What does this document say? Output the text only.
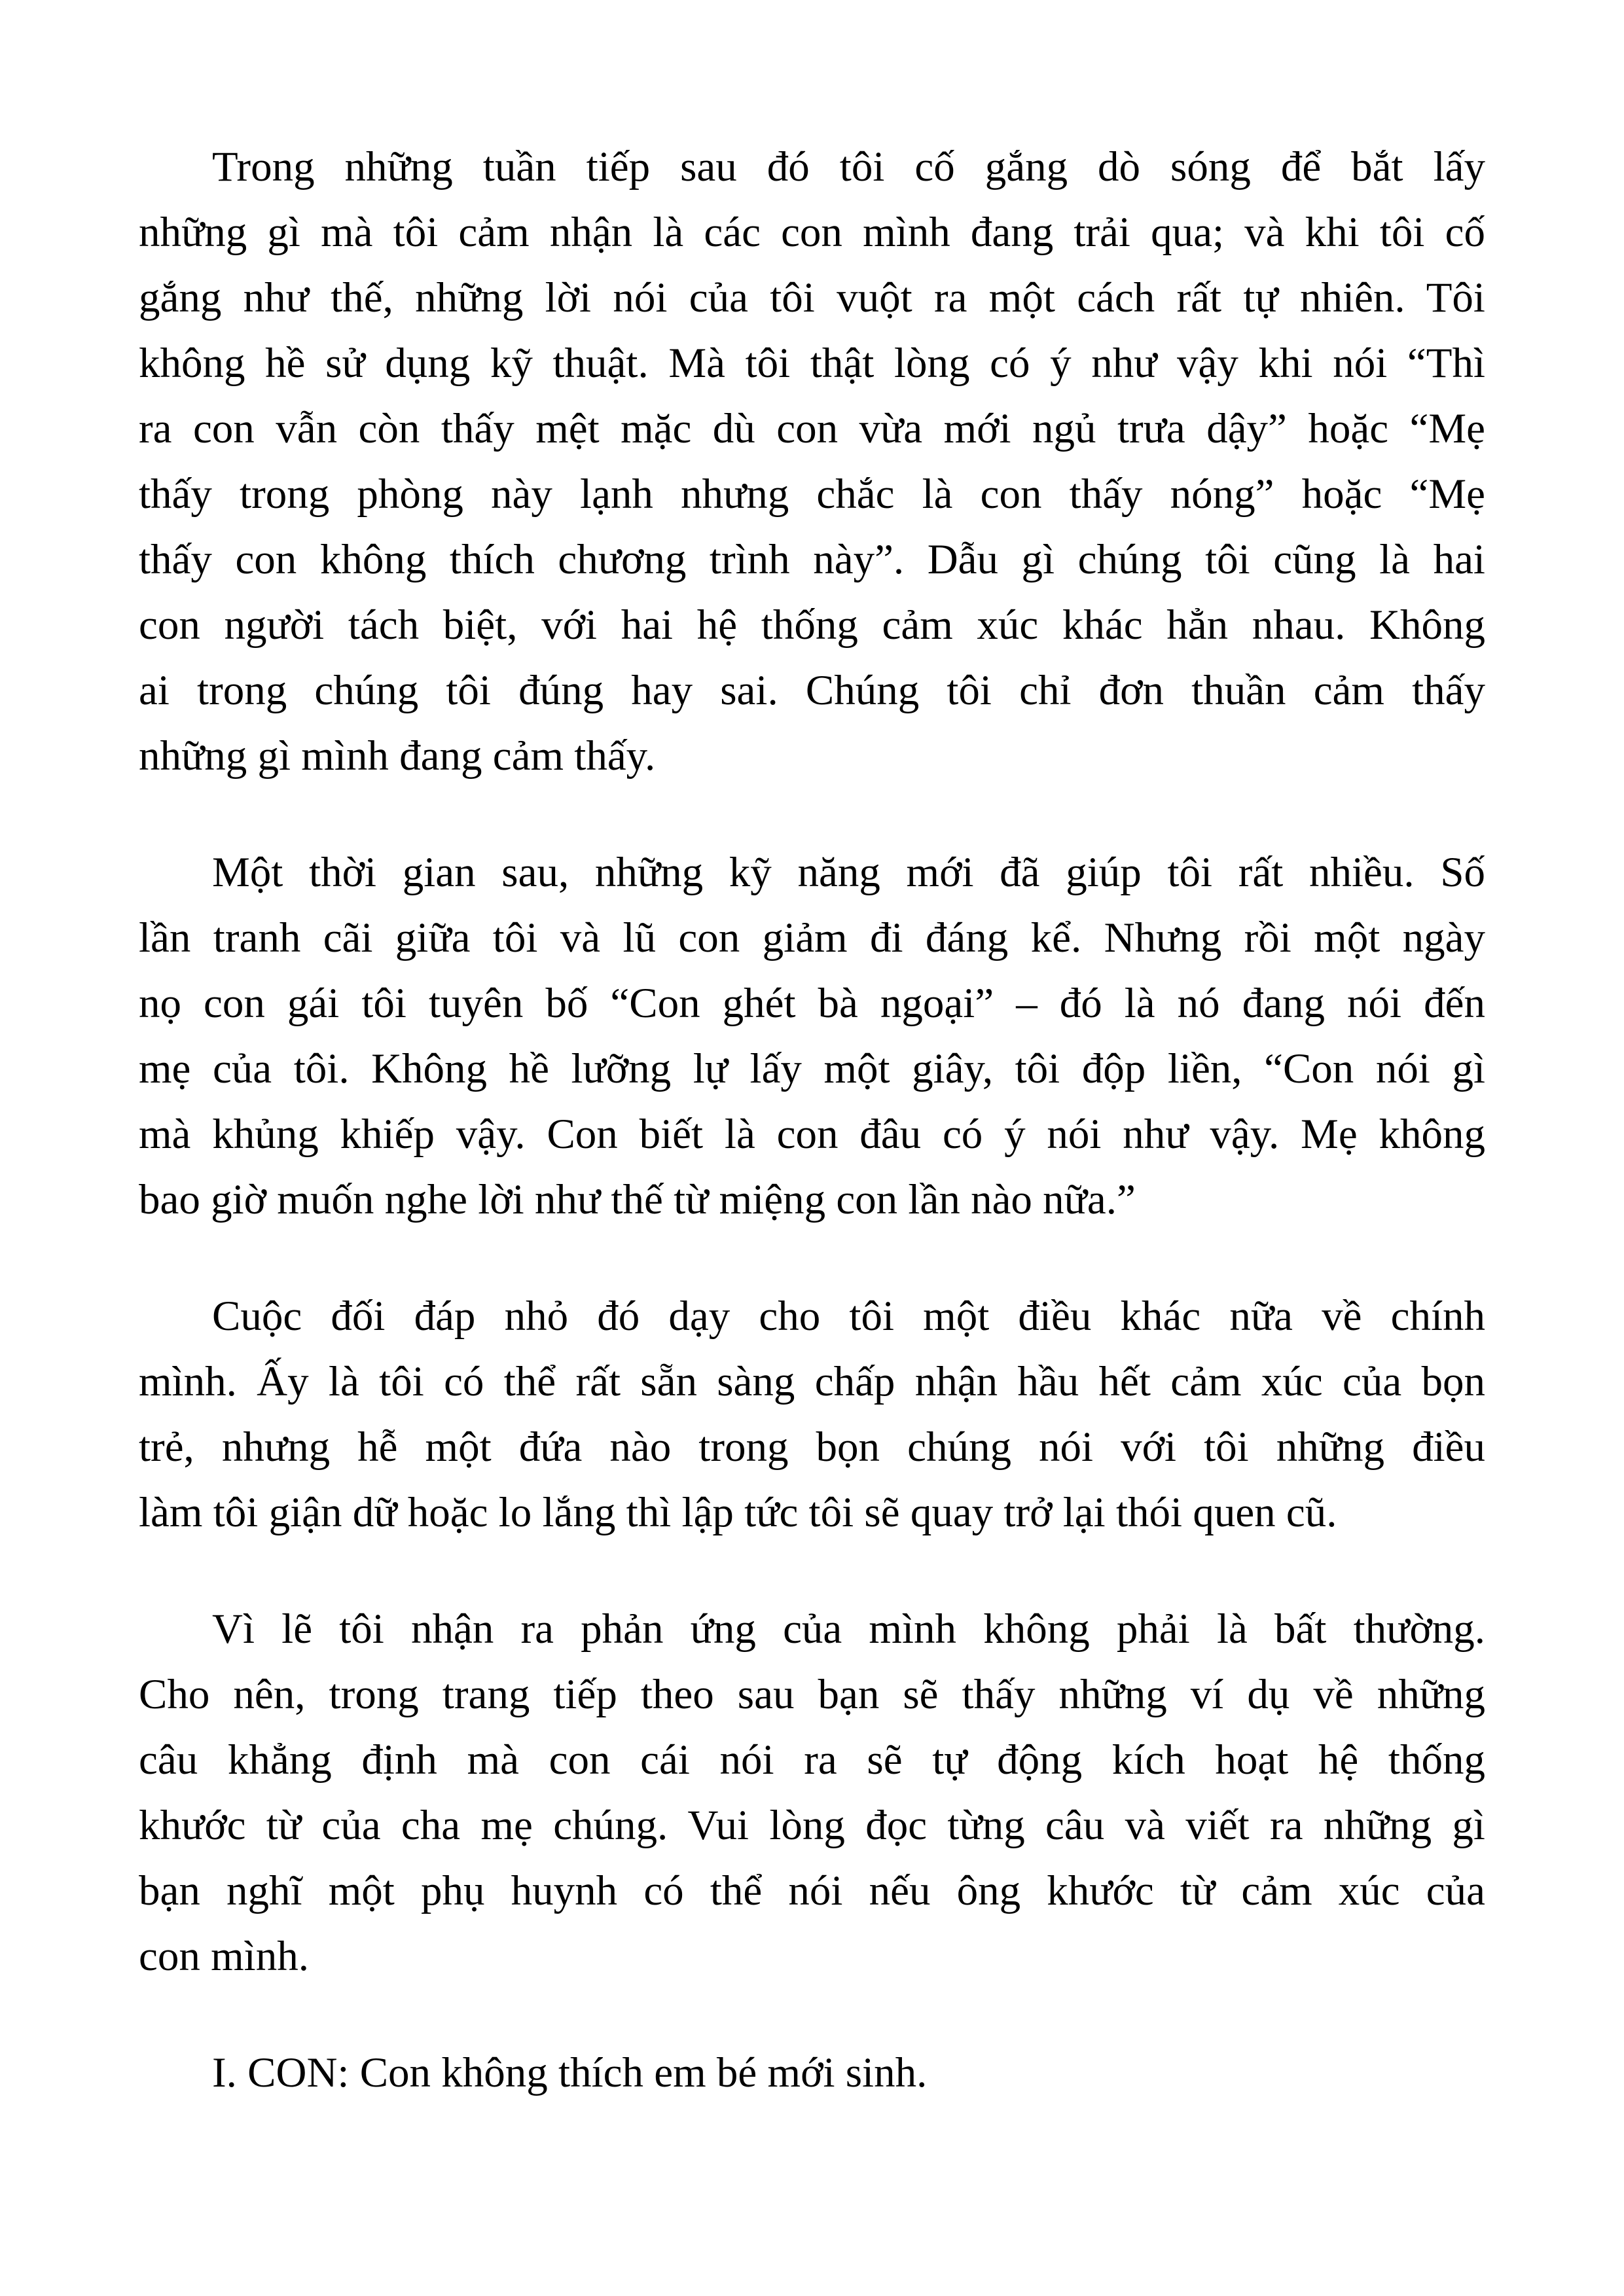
Trong những tuần tiếp sau đó tôi cố gắng dò sóng để bắt lấy
những gì mà tôi cảm nhận là các con mình đang trải qua; và khi tôi cố
gắng như thế, những lời nói của tôi vuột ra một cách rất tự nhiên. Tôi
không hề sử dụng kỹ thuật. Mà tôi thật lòng có ý như vậy khi nói “Thì
ra con vẫn còn thấy mệt mặc dù con vừa mới ngủ trưa dậy” hoặc “Mẹ
thấy trong phòng này lạnh nhưng chắc là con thấy nóng” hoặc “Mẹ
thấy con không thích chương trình này”. Dẫu gì chúng tôi cũng là hai
con người tách biệt, với hai hệ thống cảm xúc khác hẳn nhau. Không
ai trong chúng tôi đúng hay sai. Chúng tôi chỉ đơn thuần cảm thấy
những gì mình đang cảm thấy.
Một thời gian sau, những kỹ năng mới đã giúp tôi rất nhiều. Số
lần tranh cãi giữa tôi và lũ con giảm đi đáng kể. Nhưng rồi một ngày
nọ con gái tôi tuyên bố “Con ghét bà ngoại” – đó là nó đang nói đến
mẹ của tôi. Không hề lưỡng lự lấy một giây, tôi độp liền, “Con nói gì
mà khủng khiếp vậy. Con biết là con đâu có ý nói như vậy. Mẹ không
bao giờ muốn nghe lời như thế từ miệng con lần nào nữa.”
Cuộc đối đáp nhỏ đó dạy cho tôi một điều khác nữa về chính
mình. Ấy là tôi có thể rất sẵn sàng chấp nhận hầu hết cảm xúc của bọn
trẻ, nhưng hễ một đứa nào trong bọn chúng nói với tôi những điều
làm tôi giận dữ hoặc lo lắng thì lập tức tôi sẽ quay trở lại thói quen cũ.
Vì lẽ tôi nhận ra phản ứng của mình không phải là bất thường.
Cho nên, trong trang tiếp theo sau bạn sẽ thấy những ví dụ về những
câu khẳng định mà con cái nói ra sẽ tự động kích hoạt hệ thống
khước từ của cha mẹ chúng. Vui lòng đọc từng câu và viết ra những gì
bạn nghĩ một phụ huynh có thể nói nếu ông khước từ cảm xúc của
con mình.
I. CON: Con không thích em bé mới sinh.
